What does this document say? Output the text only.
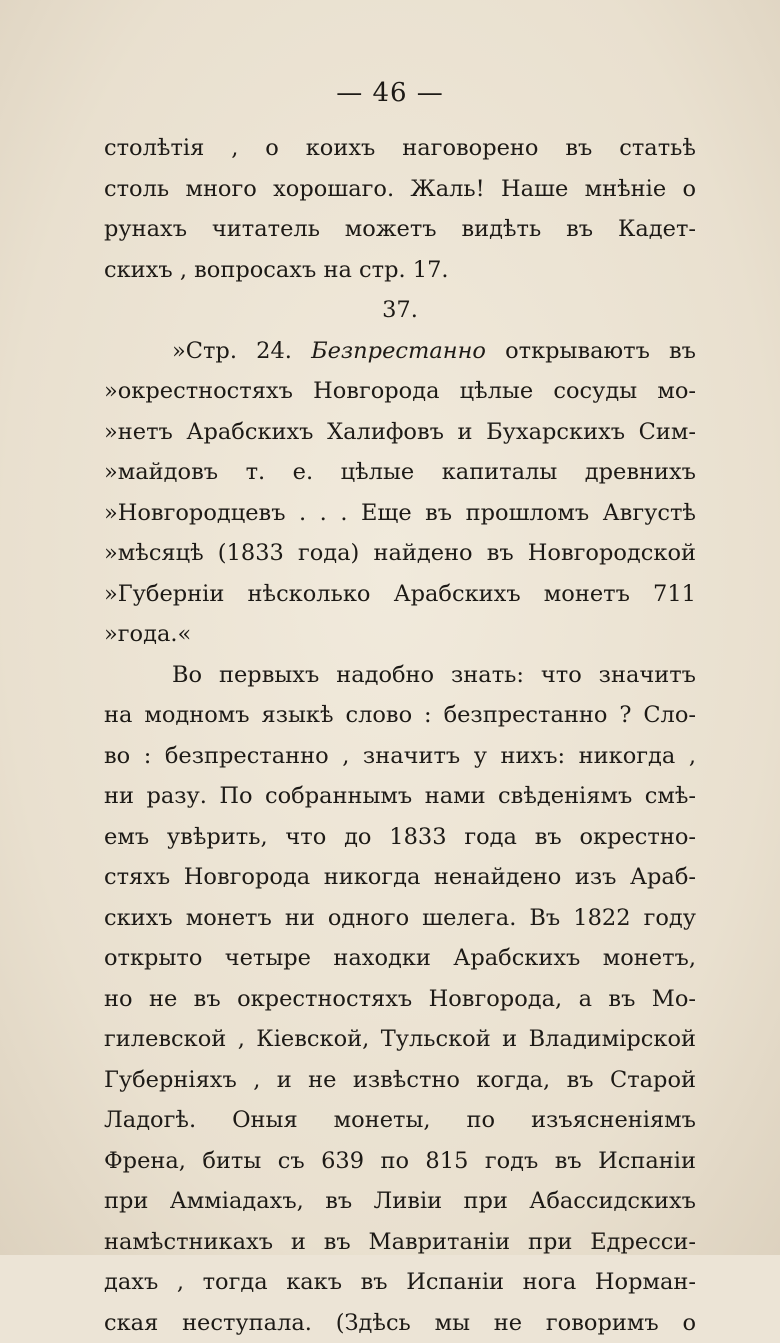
— 46 —
столѣтія , о коихъ наговорено въ статьѣ
столь много хорошаго. Жаль! Наше мнѣніе о
рунахъ читатель можетъ видѣть въ Кадет-
скихъ , вопросахъ на стр. 17.
37.
»Стр. 24. Безпрестанно открываютъ въ
»окрестностяхъ Новгорода цѣлые сосуды мо-
»нетъ Арабскихъ Халифовъ и Бухарскихъ Сим-
»майдовъ т. е. цѣлые капиталы древнихъ
»Новгородцевъ . . . Еще въ прошломъ Августѣ
»мѣсяцѣ (1833 года) найдено въ Новгородской
»Губерніи нѣсколько Арабскихъ монетъ 711
»года.«
Во первыхъ надобно знать: что значитъ
на модномъ языкѣ слово : безпрестанно ? Сло-
во : безпрестанно , значитъ у нихъ: никогда ,
ни разу. По собраннымъ нами свѣденіямъ смѣ-
емъ увѣрить, что до 1833 года въ окрестно-
стяхъ Новгорода никогда ненайдено изъ Араб-
скихъ монетъ ни одного шелега. Въ 1822 году
открыто четыре находки Арабскихъ монетъ,
но не въ окрестностяхъ Новгорода, а въ Мо-
гилевской , Кіевской, Тульской и Владимірской
Губерніяхъ , и не извѣстно когда, въ Старой
Ладогѣ. Оныя монеты, по изъясненіямъ
Френа, биты съ 639 по 815 годъ въ Испаніи
при Амміадахъ, въ Ливіи при Абассидскихъ
намѣстникахъ и въ Мавританіи при Едресси-
дахъ , тогда какъ въ Испаніи нога Норман-
ская неступала. (Здѣсь мы не говоримъ о
